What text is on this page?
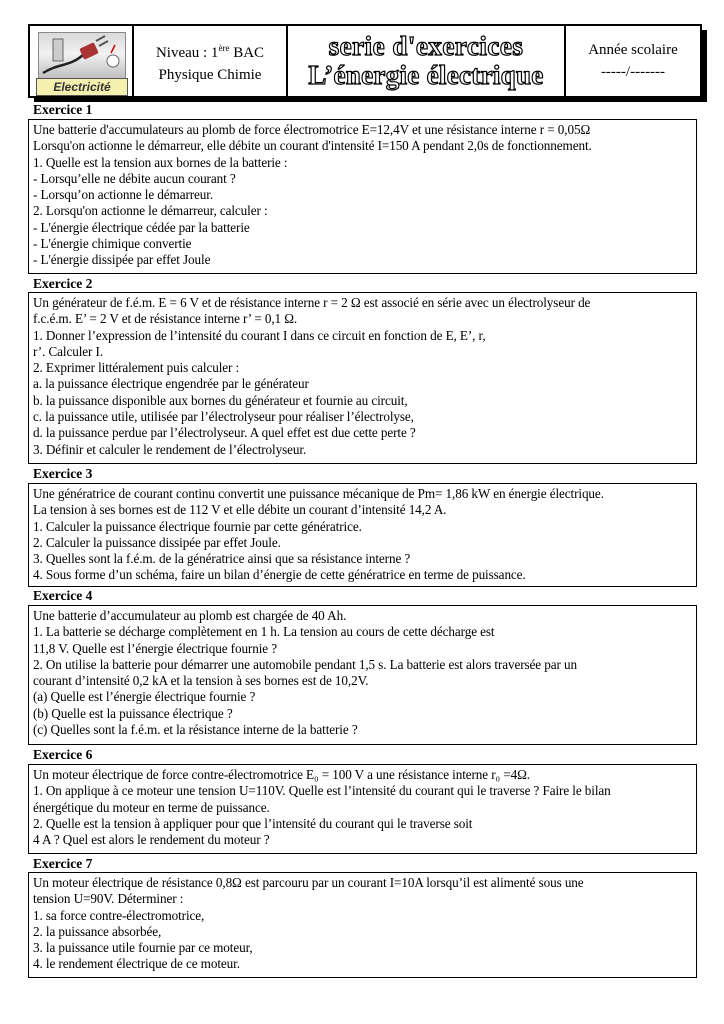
Electricité
Niveau : 1ère BAC
Physique Chimie
serie d'exercices
L’énergie électrique
Année scolaire
-----/-------
Exercice 1
Une batterie d'accumulateurs au plomb de force électromotrice E=12,4V et une résistance interne r = 0,05Ω
Lorsqu'on actionne le démarreur, elle débite un courant d'intensité I=150 A pendant 2,0s de fonctionnement.
1. Quelle est la tension aux bornes de la batterie :
- Lorsqu’elle ne débite aucun courant ?
- Lorsqu’on actionne le démarreur.
2. Lorsqu'on actionne le démarreur, calculer :
- L'énergie électrique cédée par la batterie
- L'énergie chimique convertie
- L'énergie dissipée par effet Joule
Exercice 2
Un générateur de f.é.m. E = 6 V et de résistance interne r = 2 Ω est associé en série avec un électrolyseur de
f.c.é.m. E’ = 2 V et de résistance interne r’ = 0,1 Ω.
1. Donner l’expression de l’intensité du courant I dans ce circuit en fonction de E, E’, r,
r’. Calculer I.
2. Exprimer littéralement puis calculer :
a. la puissance électrique engendrée par le générateur
b. la puissance disponible aux bornes du générateur et fournie au circuit,
c. la puissance utile, utilisée par l’électrolyseur pour réaliser l’électrolyse,
d. la puissance perdue par l’électrolyseur. A quel effet est due cette perte ?
3. Définir et calculer le rendement de l’électrolyseur.
Exercice 3
Une génératrice de courant continu convertit une puissance mécanique de Pm= 1,86 kW en énergie électrique.
La tension à ses bornes est de 112 V et elle débite un courant d’intensité 14,2 A.
1. Calculer la puissance électrique fournie par cette génératrice.
2. Calculer la puissance dissipée par effet Joule.
3. Quelles sont la f.é.m. de la génératrice ainsi que sa résistance interne ?
4. Sous forme d’un schéma, faire un bilan d’énergie de cette génératrice en terme de puissance.
Exercice 4
Une batterie d’accumulateur au plomb est chargée de 40 Ah.
1. La batterie se décharge complètement en 1 h. La tension au cours de cette décharge est
11,8 V. Quelle est l’énergie électrique fournie ?
2. On utilise la batterie pour démarrer une automobile pendant 1,5 s. La batterie est alors traversée par un
courant d’intensité 0,2 kA et la tension à ses bornes est de 10,2V.
(a) Quelle est l’énergie électrique fournie ?
(b) Quelle est la puissance électrique ?
(c) Quelles sont la f.é.m. et la résistance interne de la batterie ?
Exercice 6
Un moteur électrique de force contre-électromotrice E₀ = 100 V a une résistance interne r₀ =4Ω.
1. On applique à ce moteur une tension U=110V. Quelle est l’intensité du courant qui le traverse ? Faire le bilan
énergétique du moteur en terme de puissance.
2. Quelle est la tension à appliquer pour que l’intensité du courant qui le traverse soit
4 A ? Quel est alors le rendement du moteur ?
Exercice 7
Un moteur électrique de résistance 0,8Ω est parcouru par un courant I=10A lorsqu’il est alimenté sous une
tension U=90V. Déterminer :
1. sa force contre-électromotrice,
2. la puissance absorbée,
3. la puissance utile fournie par ce moteur,
4. le rendement électrique de ce moteur.
